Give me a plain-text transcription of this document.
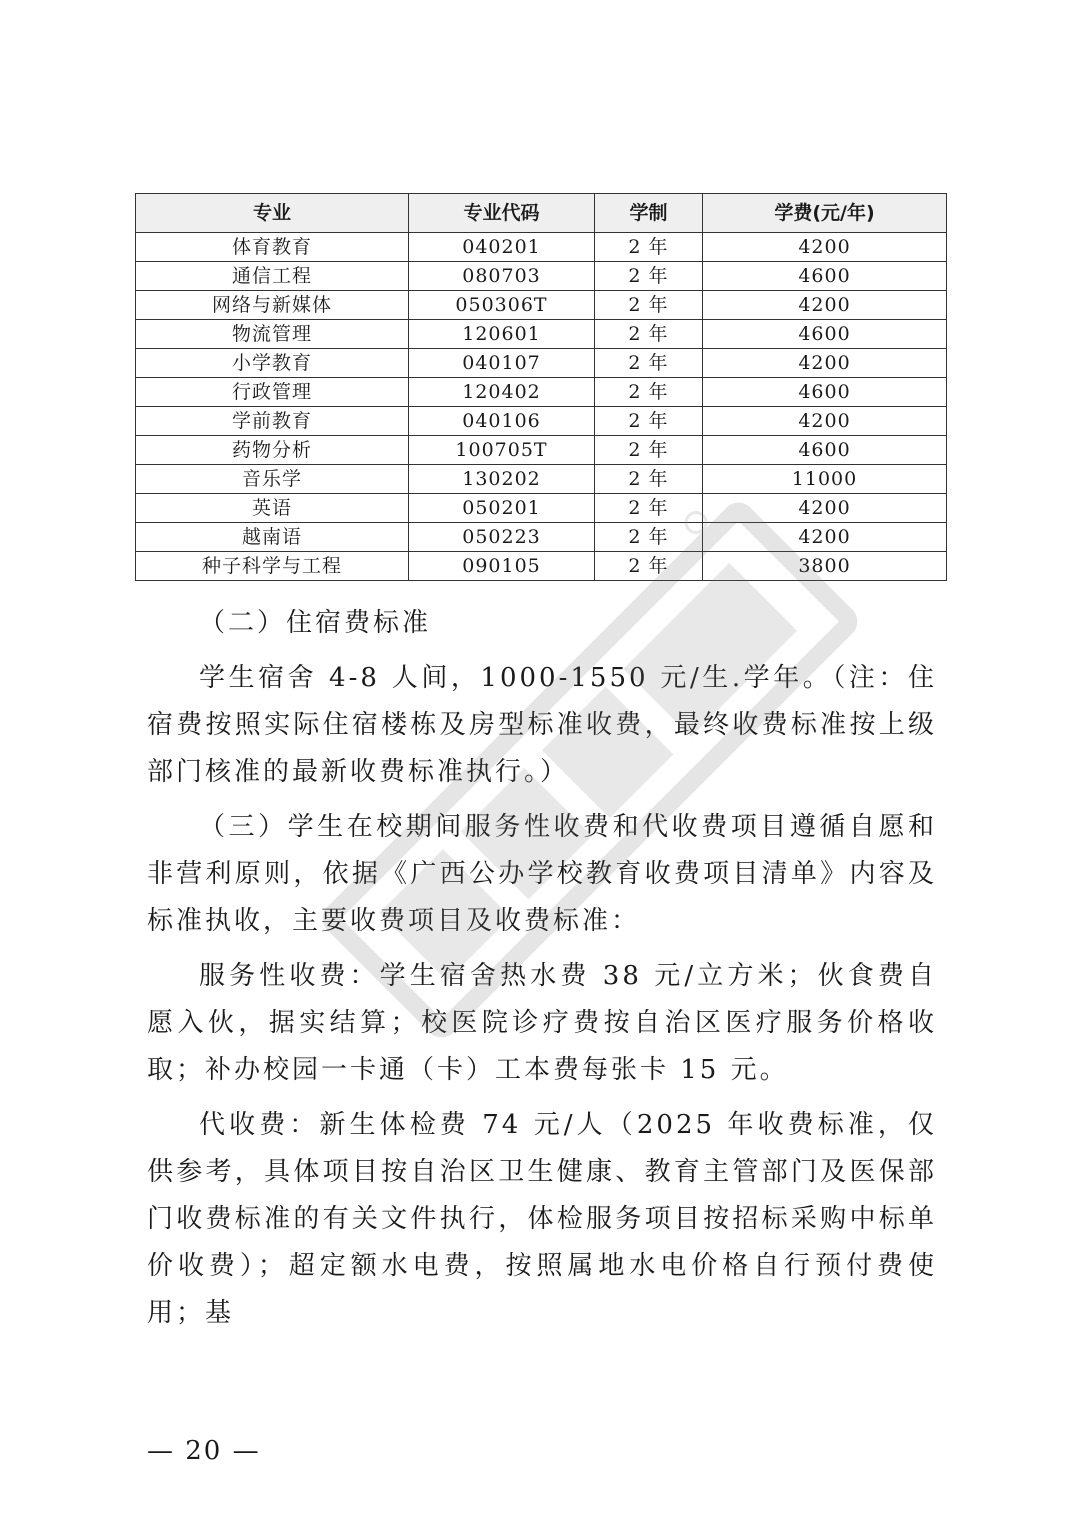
专业	专业代码	学制	学费(元/年)
体育教育	040201	2 年	4200
通信工程	080703	2 年	4600
网络与新媒体	050306T	2 年	4200
物流管理	120601	2 年	4600
小学教育	040107	2 年	4200
行政管理	120402	2 年	4600
学前教育	040106	2 年	4200
药物分析	100705T	2 年	4600
音乐学	130202	2 年	11000
英语	050201	2 年	4200
越南语	050223	2 年	4200
种子科学与工程	090105	2 年	3800

（二）住宿费标准

学生宿舍 4-8 人间，1000-1550 元/生.学年。（注：住宿费按照实际住宿楼栋及房型标准收费，最终收费标准按上级部门核准的最新收费标准执行。）

（三）学生在校期间服务性收费和代收费项目遵循自愿和非营利原则，依据《广西公办学校教育收费项目清单》内容及标准执收，主要收费项目及收费标准：

服务性收费：学生宿舍热水费 38 元/立方米；伙食费自愿入伙，据实结算；校医院诊疗费按自治区医疗服务价格收取；补办校园一卡通（卡）工本费每张卡 15 元。

代收费：新生体检费 74 元/人（2025 年收费标准，仅供参考，具体项目按自治区卫生健康、教育主管部门及医保部门收费标准的有关文件执行，体检服务项目按招标采购中标单价收费）；超定额水电费，按照属地水电价格自行预付费使用；基

— 20 —
